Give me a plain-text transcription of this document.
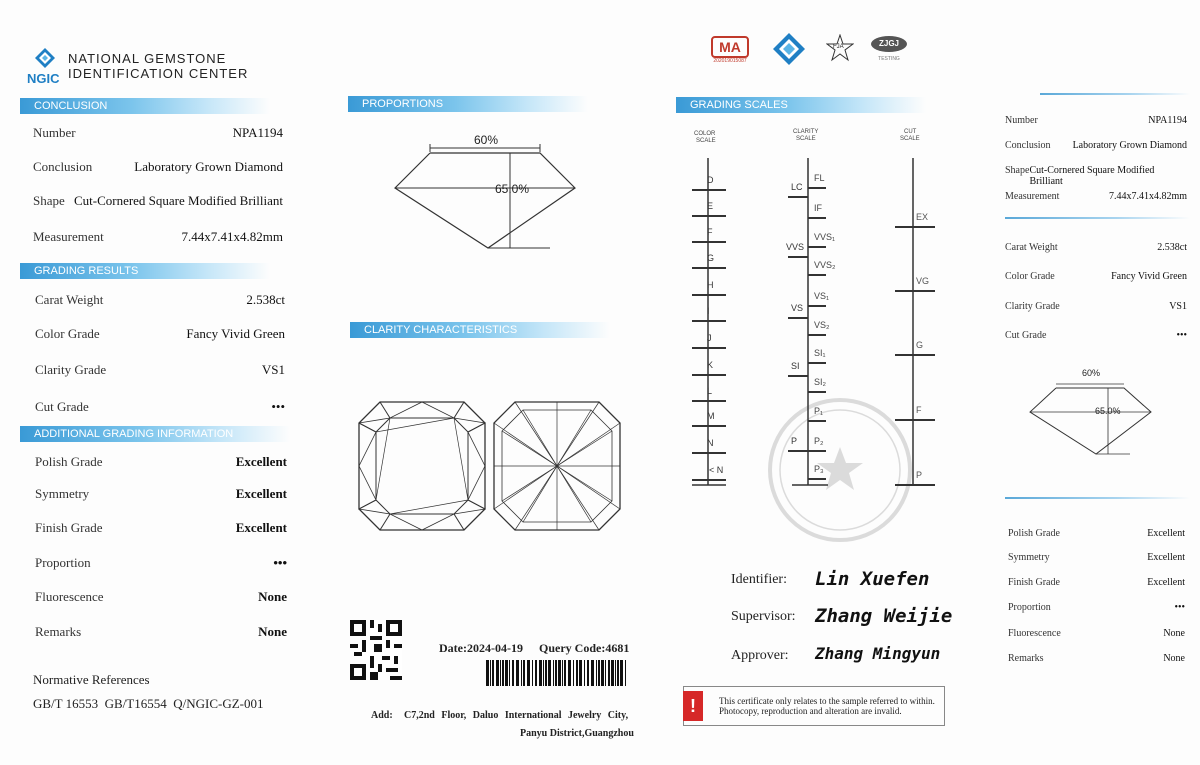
NGIC
NATIONAL GEMSTONE
IDENTIFICATION CENTER
CONCLUSION
GRADING RESULTS
ADDITIONAL GRADING INFORMATION
Normative References
GB/T 16553  GB/T16554  Q/NGIC-GZ-001
PROPORTIONS
60%
65.0%
CLARITY CHARACTERISTICS
Date:2024-04-19 Query Code:4681
Add: C7,2nd Floor, Daluo International Jewelry City,
Panyu District,Guangzhou
MA
202019015087
FJA	ZJGJ
TESTING
GRADING SCALES
COLOR
SCALE
CLARITY
SCALE
CUT
SCALE
!	This certificate only relates to the sample referred to within. Photocopy, reproduction and alteration are invalid.
60%
65.0%
Number	NPA1194
Conclusion	Laboratory Grown Diamond
Shape Cut-Cornered Square Modified Brilliant
Measurement	7.44x7.41x4.82mm
Carat Weight	2.538ct
Color Grade	Fancy Vivid Green
Clarity Grade	VS1
Cut Grade	•••
Polish Grade	Excellent
Symmetry	Excellent
Finish Grade	Excellent
Proportion	•••
Fluorescence	None
Remarks	None
Number	NPA1194
Conclusion Laboratory Grown Diamond
Shape Cut-Cornered Square Modified Brilliant
Measurement	7.44x7.41x4.82mm
Carat Weight	2.538ct
Color Grade	Fancy Vivid Green
Clarity Grade	VS1
Cut Grade	•••
Polish Grade	Excellent
Symmetry	Excellent
Finish Grade	Excellent
Proportion	•••
Fluorescence	None
Remarks	None
D
E
F
G
H
I
J
K
L
M
N
< N
FL
IF
VVS₁
VVS₂
VS₁
VS₂
SI₁
SI₂
P₁
P₂
P₃
LC
VVS
VS
SI
P
EX
VG
G
F
P
Identifier: Lin Xuefen
Supervisor: Zhang Weijie
Approver: Zhang Mingyun
